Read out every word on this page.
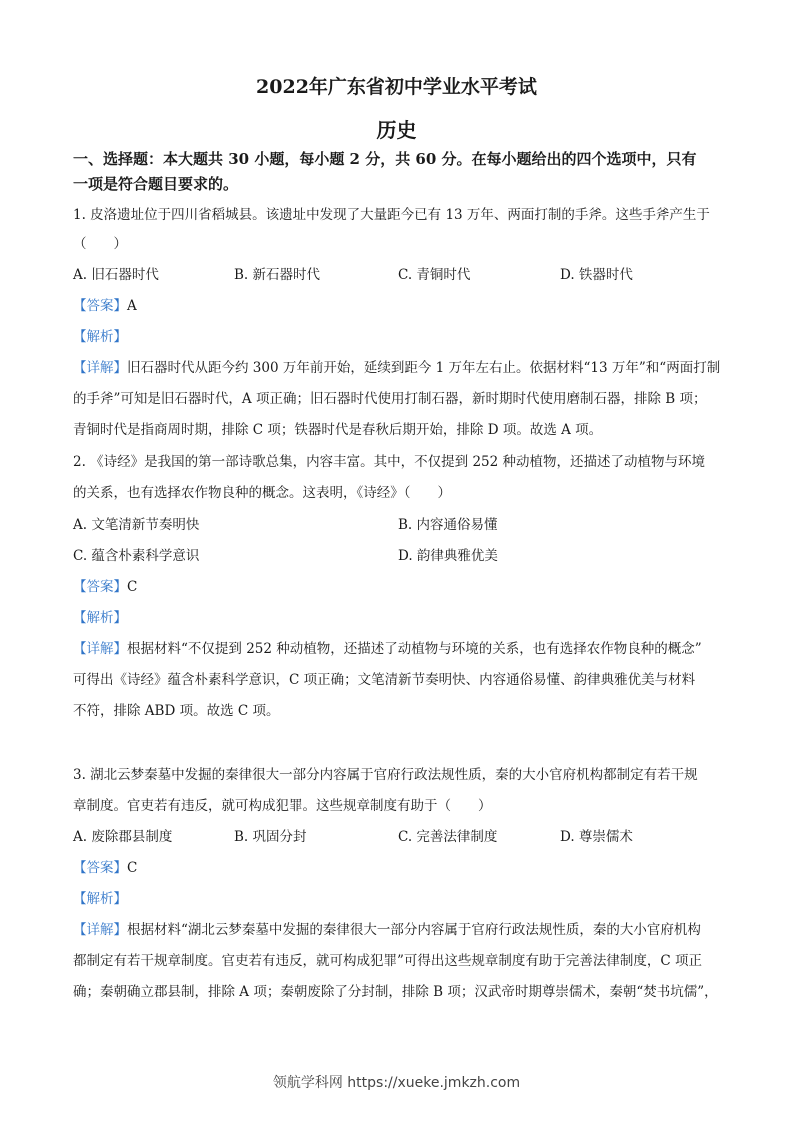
2022年广东省初中学业水平考试
历史
一、选择题：本大题共 30 小题，每小题 2 分，共 60 分。在每小题给出的四个选项中，只有
一项是符合题目要求的。
1. 皮洛遗址位于四川省稻城县。该遗址中发现了大量距今已有 13 万年、两面打制的手斧。这些手斧产生于
（　　）
A. 旧石器时代	B. 新石器时代	C. 青铜时代	D. 铁器时代
【答案】A
【解析】
【详解】旧石器时代从距今约 300 万年前开始，延续到距今 1 万年左右止。依据材料“13 万年”和“两面打制
的手斧”可知是旧石器时代，A 项正确；旧石器时代使用打制石器，新时期时代使用磨制石器，排除 B 项；
青铜时代是指商周时期，排除 C 项；铁器时代是春秋后期开始，排除 D 项。故选 A 项。
2. 《诗经》是我国的第一部诗歌总集，内容丰富。其中，不仅提到 252 种动植物，还描述了动植物与环境
的关系，也有选择农作物良种的概念。这表明，《诗经》（　　）
A. 文笔清新节奏明快	B. 内容通俗易懂
C. 蕴含朴素科学意识	D. 韵律典雅优美
【答案】C
【解析】
【详解】根据材料“不仅提到 252 种动植物，还描述了动植物与环境的关系，也有选择农作物良种的概念”
可得出《诗经》蕴含朴素科学意识，C 项正确；文笔清新节奏明快、内容通俗易懂、韵律典雅优美与材料
不符，排除 ABD 项。故选 C 项。
3. 湖北云梦秦墓中发掘的秦律很大一部分内容属于官府行政法规性质，秦的大小官府机构都制定有若干规
章制度。官吏若有违反，就可构成犯罪。这些规章制度有助于（　　）
A. 废除郡县制度	B. 巩固分封	C. 完善法律制度	D. 尊崇儒术
【答案】C
【解析】
【详解】根据材料“湖北云梦秦墓中发掘的秦律很大一部分内容属于官府行政法规性质，秦的大小官府机构
都制定有若干规章制度。官吏若有违反，就可构成犯罪”可得出这些规章制度有助于完善法律制度，C 项正
确；秦朝确立郡县制，排除 A 项；秦朝废除了分封制，排除 B 项；汉武帝时期尊崇儒术，秦朝“焚书坑儒”，
领航学科网 https://xueke.jmkzh.com
